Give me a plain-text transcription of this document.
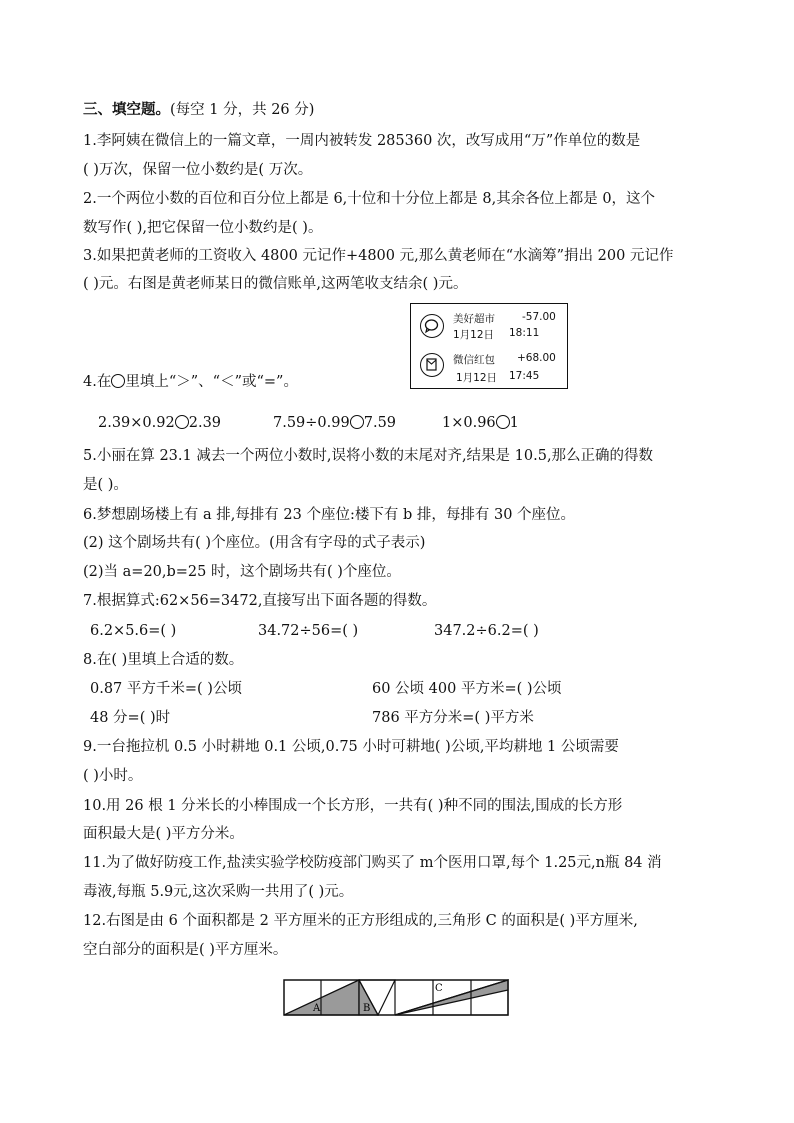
三、填空题。(每空 1 分，共 26 分)
1.李阿姨在微信上的一篇文章，一周内被转发 285360 次，改写成用“万”作单位的数是
( )万次，保留一位小数约是( 万次。
2.一个两位小数的百位和百分位上都是 6,十位和十分位上都是 8,其余各位上都是 0，这个
数写作( ),把它保留一位小数约是( )。
3.如果把黄老师的工资收入 4800 元记作+4800 元,那么黄老师在“水滴筹”捐出 200 元记作
( )元。右图是黄老师某日的微信账单,这两笔收支结余( )元。
美好超市	-57.00
1月12日 18:11
微信红包 +68.00
1月12日 17:45
4.在 里填上“＞”、“＜”或“=”。
2.39×0.92 2.39	7.59÷0.99 7.59	1×0.96 1
5.小丽在算 23.1 减去一个两位小数时,误将小数的末尾对齐,结果是 10.5,那么正确的得数
是( )。
6.梦想剧场楼上有 a 排,每排有 23 个座位:楼下有 b 排，每排有 30 个座位。
(2) 这个剧场共有( )个座位。(用含有字母的式子表示)
(2)当 a=20,b=25 时，这个剧场共有( )个座位。
7.根据算式:62×56=3472,直接写出下面各题的得数。
6.2×5.6=( )	34.72÷56=( )	347.2÷6.2=( )
8.在( )里填上合适的数。
0.87 平方千米=( )公顷	60 公顷 400 平方米=( )公顷
48 分=( )时	786 平方分米=( )平方米
9.一台拖拉机 0.5 小时耕地 0.1 公顷,0.75 小时可耕地( )公顷,平均耕地 1 公顷需要
( )小时。
10.用 26 根 1 分米长的小棒围成一个长方形，一共有( )种不同的围法,围成的长方形
面积最大是( )平方分米。
11.为了做好防疫工作,盐渎实验学校防疫部门购买了 m个医用口罩,每个 1.25元,n瓶 84 消
毒液,每瓶 5.9元,这次采购一共用了( )元。
12.右图是由 6 个面积都是 2 平方厘米的正方形组成的,三角形 C 的面积是( )平方厘米,
空白部分的面积是( )平方厘米。
A	B
C
